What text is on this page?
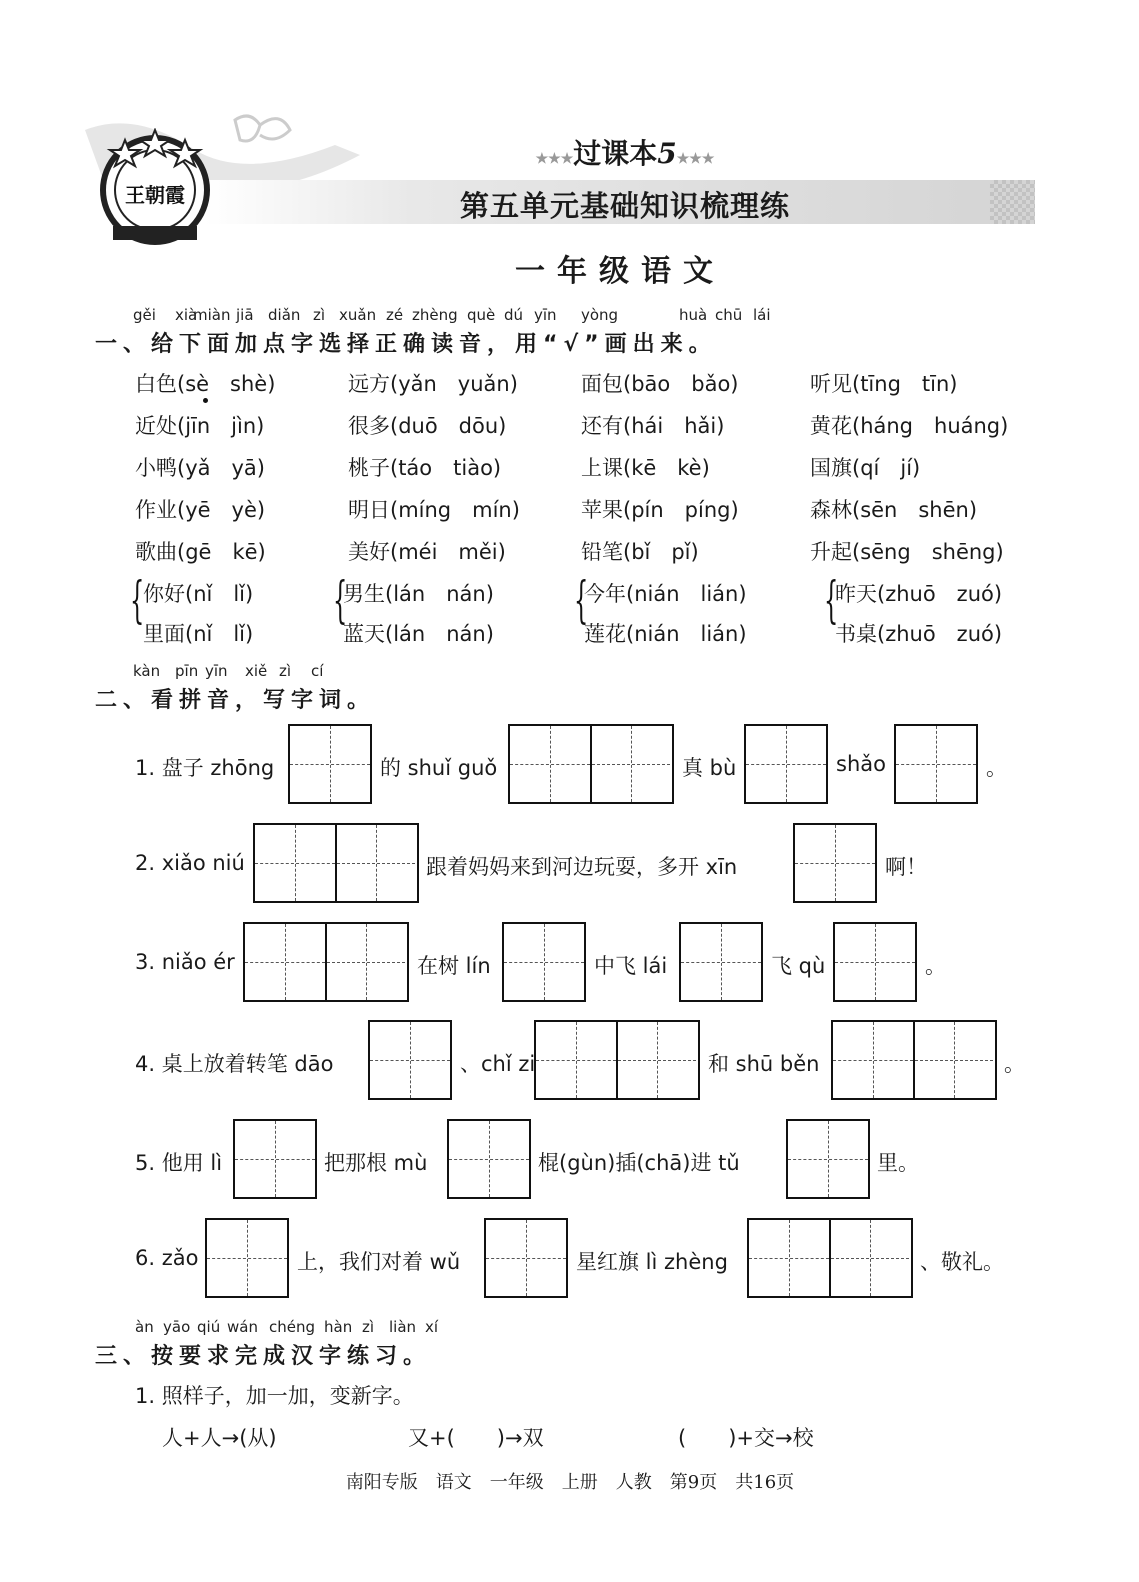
王朝霞
★★★过课本5★★★
第五单元基础知识梳理练
一年级语文
gěi xià
miàn jiā diǎn zì xuǎn zé zhèng què dú yīn yòng	huà chū lái
一、给下面加点字选择正确读音，用“√”画出来。
白色(sè　shè)	远方(yǎn　yuǎn)	面包(bāo　bǎo)	听见(tīng　tīn)
近处(jīn　jìn)	很多(duō　dōu)	还有(hái　hǎi)	黄花(háng　huáng)
小鸭(yǎ　yā)	桃子(táo　tiào)	上课(kē　kè)	国旗(qí　jí)
作业(yē　yè)	明日(míng　mín)	苹果(pín　píng)	森林(sēn　shēn)
歌曲(gē　kē)	美好(méi　měi)	铅笔(bǐ　pǐ)	升起(sēng　shēng)
{	{	{	{
你好(nǐ　lǐ)	男生(lán　nán)	今年(nián　lián)	昨天(zhuō　zuó)
里面(nǐ　lǐ)	蓝天(lán　nán)	莲花(nián　lián)	书桌(zhuō　zuó)
kàn pīn yīn xiě zì cí
二、看拼音，写字词。
1. 盘子 zhōng	的 shuǐ guǒ	真 bù	shǎo	。
2. xiǎo niú	跟着妈妈来到河边玩耍，多开 xīn	啊！
3. niǎo ér	在树 lín	中飞 lái	飞 qù	。
4. 桌上放着转笔 dāo	、chǐ zi	和 shū běn	。
5. 他用 lì	把那根 mù	棍(gùn)插(chā)进 tǔ	里。
6. zǎo	上，我们对着 wǔ	星红旗 lì zhèng	、敬礼。
àn yāo qiú wán chéng hàn zì liàn xí
三、按要求完成汉字练习。
1. 照样子，加一加，变新字。
人+人→(从)	又+(　　)→双	(　　)+交→校
南阳专版　语文　一年级　上册　人教　第9页　共16页
